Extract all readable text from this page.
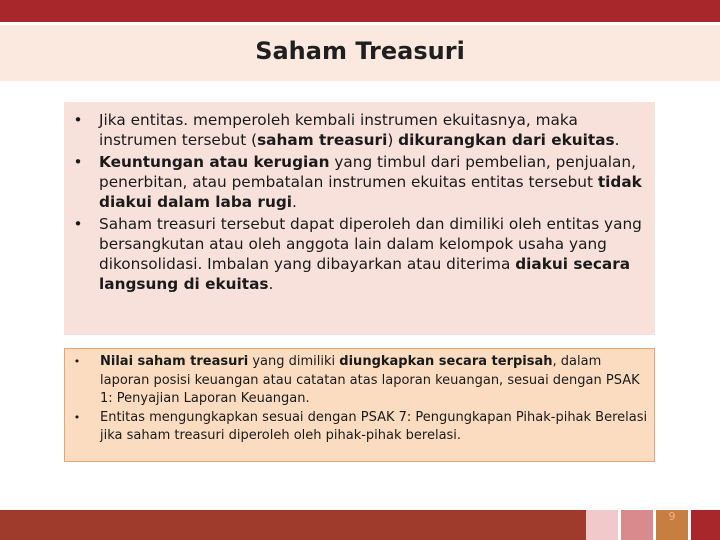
Saham Treasuri
•	Jika entitas. memperoleh kembali instrumen ekuitasnya, maka instrumen tersebut (saham treasuri) dikurangkan dari ekuitas.
•	Keuntungan atau kerugian yang timbul dari pembelian, penjualan, penerbitan, atau pembatalan instrumen ekuitas entitas tersebut tidak diakui dalam laba rugi.
•	Saham treasuri tersebut dapat diperoleh dan dimiliki oleh entitas yang bersangkutan atau oleh anggota lain dalam kelompok usaha yang dikonsolidasi. Imbalan yang dibayarkan atau diterima diakui secara langsung di ekuitas.
•	Nilai saham treasuri yang dimiliki diungkapkan secara terpisah, dalam laporan posisi keuangan atau catatan atas laporan keuangan, sesuai dengan PSAK 1: Penyajian Laporan Keuangan.
•	Entitas mengungkapkan sesuai dengan PSAK 7: Pengungkapan Pihak-pihak Berelasi jika saham treasuri diperoleh oleh pihak-pihak berelasi.
9
